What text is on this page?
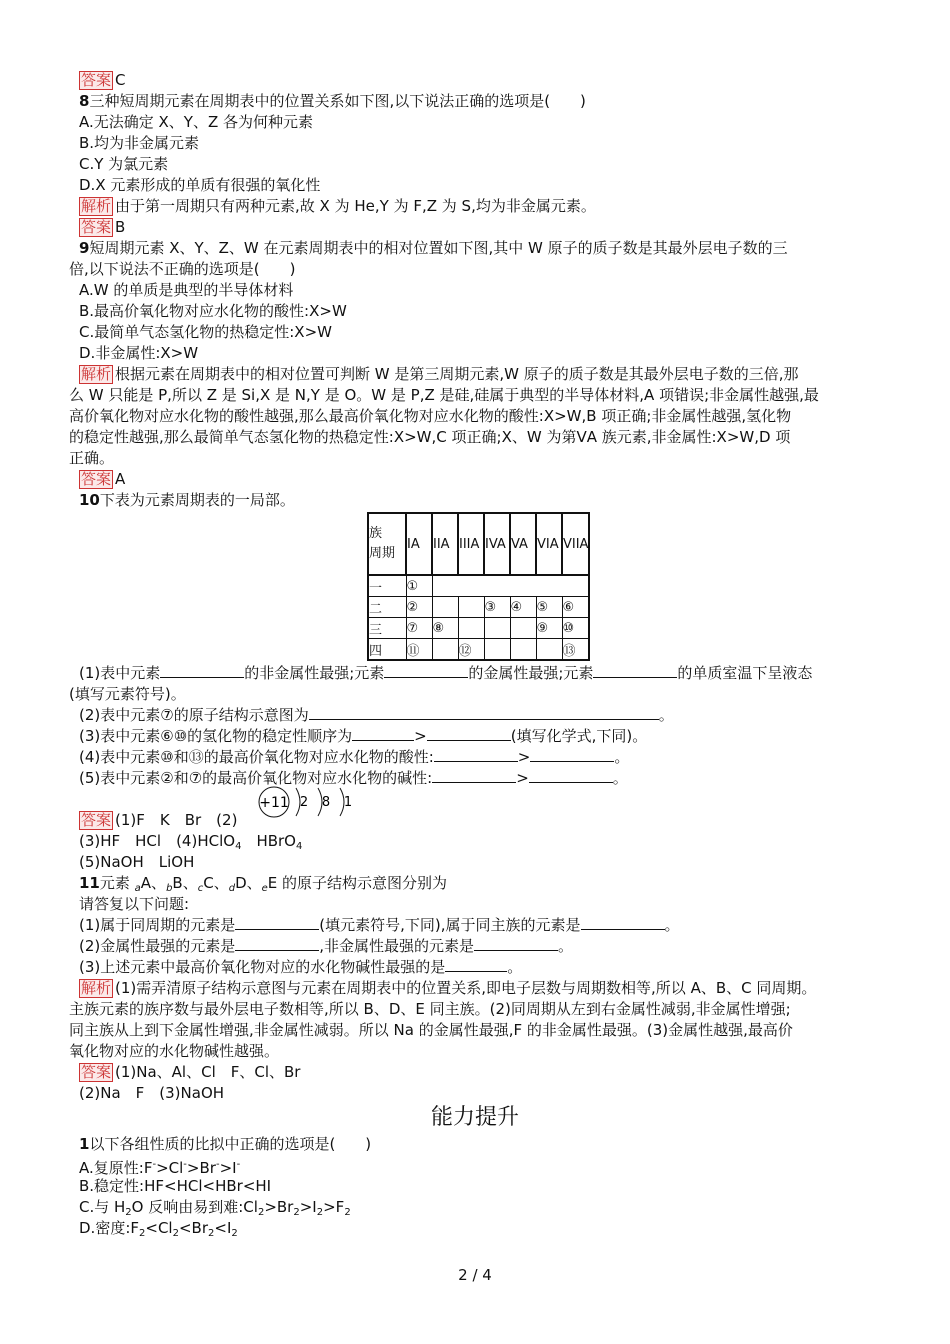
答案 C
8三种短周期元素在周期表中的位置关系如下图,以下说法正确的选项是(　　)
A.无法确定 X、Y、Z 各为何种元素
B.均为非金属元素
C.Y 为氯元素
D.X 元素形成的单质有很强的氧化性
解析 由于第一周期只有两种元素,故 X 为 He,Y 为 F,Z 为 S,均为非金属元素。
答案 B
9短周期元素 X、Y、Z、W 在元素周期表中的相对位置如下图,其中 W 原子的质子数是其最外层电子数的三
倍,以下说法不正确的选项是(　　)
A.W 的单质是典型的半导体材料
B.最高价氧化物对应水化物的酸性:X>W
C.最简单气态氢化物的热稳定性:X>W
D.非金属性:X>W
解析 根据元素在周期表中的相对位置可判断 W 是第三周期元素,W 原子的质子数是其最外层电子数的三倍,那
么 W 只能是 P,所以 Z 是 Si,X 是 N,Y 是 O。W 是 P,Z 是硅,硅属于典型的半导体材料,A 项错误;非金属性越强,最
高价氧化物对应水化物的酸性越强,那么最高价氧化物对应水化物的酸性:X>W,B 项正确;非金属性越强,氢化物
的稳定性越强,那么最简单气态氢化物的热稳定性:X>W,C 项正确;X、W 为第ⅤA 族元素,非金属性:X>W,D 项
正确。
答案 A
10下表为元素周期表的一局部。
族
周期	IA	IIA	IIIA	IVA	VA	VIA	VIIA
一	①						
二	②			③	④	⑤	⑥
三	⑦	⑧				⑨	⑩
四	⑪		⑫				⑬
(1)表中元素	的非金属性最强;元素	的金属性最强;元素	的单质室温下呈液态
(填写元素符号)。
(2)表中元素⑦的原子结构示意图为	。
(3)表中元素⑥⑩的氢化物的稳定性顺序为	>	(填写化学式,下同)。
(4)表中元素⑩和⑬的最高价氧化物对应水化物的酸性:	>	。
(5)表中元素②和⑦的最高价氧化物对应水化物的碱性:	>	。
+11 2 8 1
答案 (1)F　K　Br　(2)
(3)HF　HCl　(4)HClO$_4$　HBrO$_4$
(5)NaOH　LiOH
11元素 $_a$A、$_b$B、$_c$C、$_d$D、$_e$E 的原子结构示意图分别为
请答复以下问题:
(1)属于同周期的元素是	(填元素符号,下同),属于同主族的元素是	。
(2)金属性最强的元素是	,非金属性最强的元素是	。
(3)上述元素中最高价氧化物对应的水化物碱性最强的是	。
解析 (1)需弄清原子结构示意图与元素在周期表中的位置关系,即电子层数与周期数相等,所以 A、B、C 同周期。
主族元素的族序数与最外层电子数相等,所以 B、D、E 同主族。(2)同周期从左到右金属性减弱,非金属性增强;
同主族从上到下金属性增强,非金属性减弱。所以 Na 的金属性最强,F 的非金属性最强。(3)金属性越强,最高价
氧化物对应的水化物碱性越强。
答案 (1)Na、Al、Cl　F、Cl、Br
(2)Na　F　(3)NaOH
能力提升
1以下各组性质的比拟中正确的选项是(　　)
A.复原性:F->Cl->Br->I-
B.稳定性:HF<HCl<HBr<HI
C.与 $H_2O$ 反响由易到难$:Cl_2>Br_2>I_2>F_2$
D.密度$:F_2<Cl_2<Br_2<I_2$
2 / 4
